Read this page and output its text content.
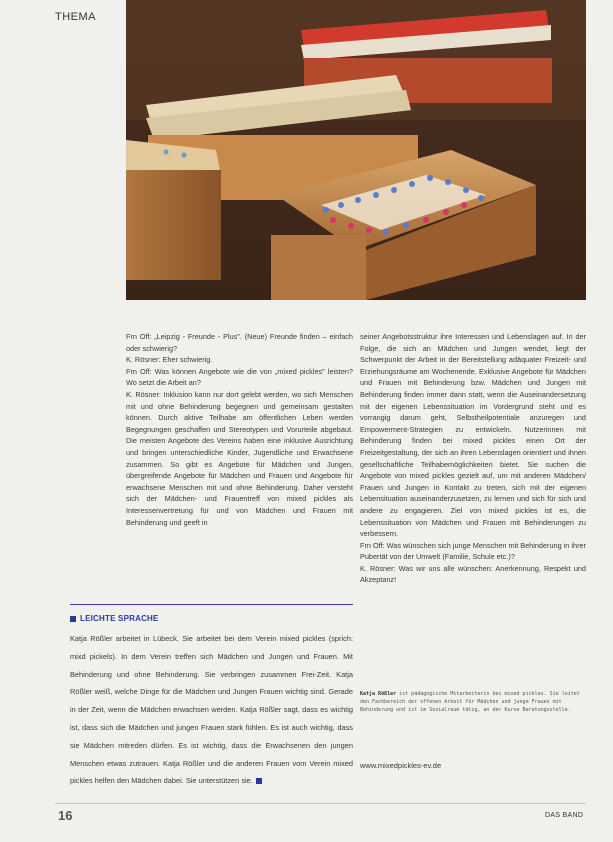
THEMA

Frn Off: „Leipzig - Freunde - Plus". (Neue) Freunde finden – einfach oder schwierig?

K. Rösner: Eher schwierig.

Frn Off: Was können Angebote wie die von „mixed pickles" leisten? Wo setzt die Arbeit an?

K. Rösner: Inklusion kann nur dort gelebt werden, wo sich Menschen mit und ohne Behinderung begegnen und gemeinsam gestalten können. Durch aktive Teilhabe am öffentlichen Leben werden Begegnungen geschaffen und Stereotypen und Vorurteile abgebaut. Die meisten Angebote des Vereins haben eine inklusive Ausrichtung und bringen unterschiedliche Kinder, Jugendliche und Erwachsene zusammen. So gibt es Angebote für Mädchen und Jungen, übergreifende Angebote für Mädchen und Frauen und Angebote für erwachsene Menschen mit und ohne Behinderung. Daher versteht sich der Mädchen- und Frauentreff von mixed pickles als Interessenvertretung für und von Mädchen und Frauen mit Behinderung und geeft in

seiner Angebotsstruktur ihre Interessen und Lebenslagen auf. In der Folge, die sich an Mädchen und Jungen wendet, liegt der Schwerpunkt der Arbeit in der Bereitstellung adäquater Freizeit- und Erziehungsräume am Wochenende. Exklusive Angebote für Mädchen und Frauen mit Behinderung bzw. Mädchen und Jungen mit Behinderung finden immer dann statt, wenn die Auseinandersetzung mit der eigenen Lebenssituation im Vordergrund steht und es vorrangig darum geht, Selbstheilpotentiale anzuregen und Empowerment-Strategien zu entwickeln. Nutzerinnen mit Behinderung finden bei mixed pickles einen Ort der Freizeitgestaltung, der sich an ihren Lebenslagen orientiert und ihnen gesellschaftliche Teilhabemöglichkeiten bietet. Sie suchen die Angebote von mixed pickles gezielt auf, um mit anderen Mädchen/ Frauen und Jungen in Kontakt zu treten, sich mit der eigenen Lebensituation auseinanderzusetzen, zu lernen und sich für sich und andere zu engagieren. Ziel von mixed pickles ist es, die Lebenssituation von Mädchen und Frauen mit Behinderungen zu verbessern.

Frn Off: Was wünschen sich junge Menschen mit Behinderung in ihrer Pubertät von der Umwelt (Familie, Schule etc.)?

K. Rösner: Was wir uns alle wünschen: Anerkennung, Respekt und Akzeptanz!

LEICHTE SPRACHE
Katja Rößler arbeitet in Lübeck. Sie arbeitet bei dem Verein mixed pickles (sprich: mixd pickels). In dem Verein treffen sich Mädchen und Jungen und Frauen. Mit Behinderung und ohne Behinderung. Sie verbringen zusammen Frei-Zeit. Katja Rößler weiß, welche Dinge für die Mädchen und Jungen Frauen wichtig sind. Gerade in der Zeit, wenn die Mädchen erwachsen werden. Katja Rößler sagt, dass es wichtig ist, dass sich die Mädchen und jungen Frauen stark fühlen. Es ist auch wichtig, dass sie Mädchen mitreden dürfen. Es ist wichtig, dass die Erwachsenen den jungen Menschen etwas zutrauen. Katja Rößler und die anderen Frauen vom Verein mixed pickles helfen den Mädchen dabei. Sie unterstützen sie.
Katja Rößler ist pädagogische Mitarbeiterin bei mixed pickles. Sie leitet den Fachbereich der offenen Arbeit für Mädchen und junge Frauen mit Behinderung und ist im Sozialraum tätig, an der Kurve Beratungsstelle.
www.mixedpickles-ev.de
16	DAS BAND
